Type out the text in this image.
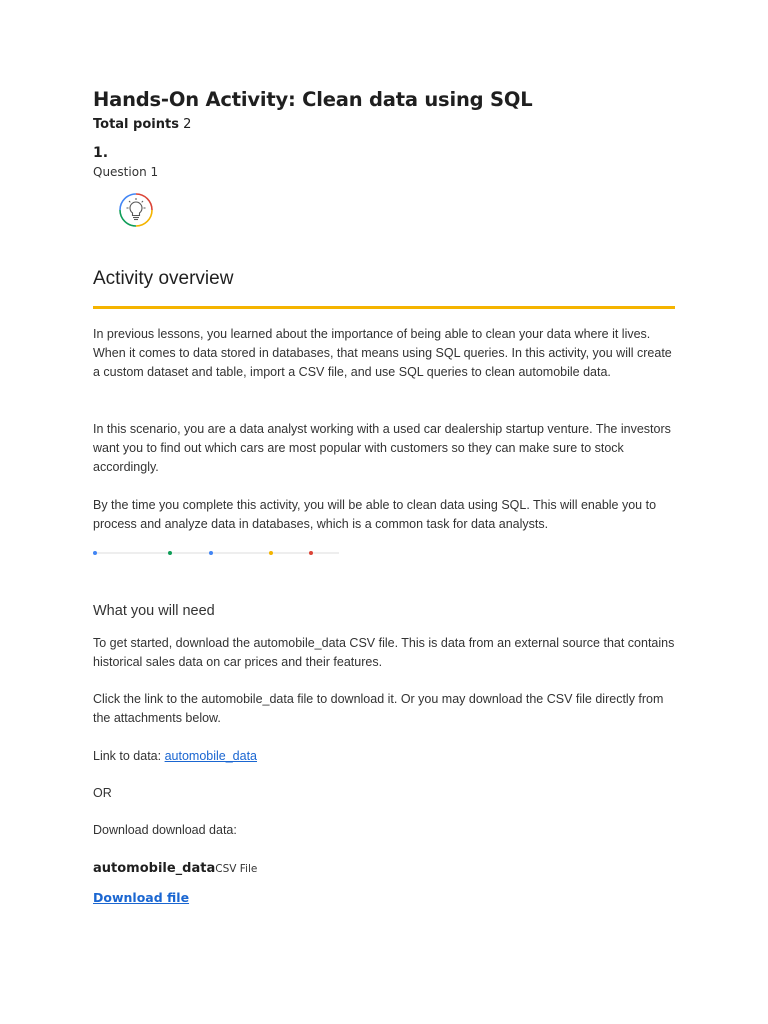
Hands-On Activity: Clean data using SQL
Total points 2
1.
Question 1
Activity overview

In previous lessons, you learned about the importance of being able to clean your data where it lives. When it comes to data stored in databases, that means using SQL queries. In this activity, you will create a custom dataset and table, import a CSV file, and use SQL queries to clean automobile data.

In this scenario, you are a data analyst working with a used car dealership startup venture. The investors want you to find out which cars are most popular with customers so they can make sure to stock accordingly.

By the time you complete this activity, you will be able to clean data using SQL. This will enable you to process and analyze data in databases, which is a common task for data analysts.

What you will need

To get started, download the automobile_data CSV file. This is data from an external source that contains historical sales data on car prices and their features.

Click the link to the automobile_data file to download it. Or you may download the CSV file directly from the attachments below.

Link to data: automobile_data

OR

Download download data:

automobile_dataCSV File
Download file
